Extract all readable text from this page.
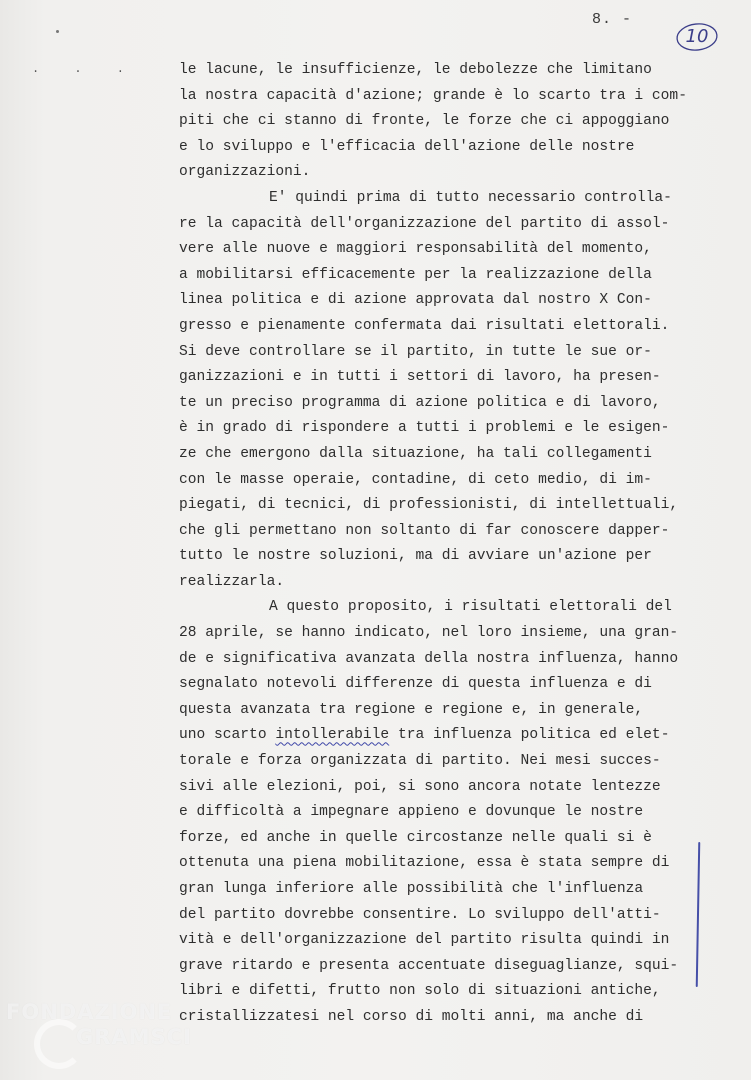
. . .
8. -
10
le lacune, le insufficienze, le debolezze che limitano
la nostra capacità d'azione; grande è lo scarto tra i com-
piti che ci stanno di fronte, le forze che ci appoggiano
e lo sviluppo e l'efficacia dell'azione delle nostre
organizzazioni.
E' quindi prima di tutto necessario controlla-
re la capacità dell'organizzazione del partito di assol-
vere alle nuove e maggiori responsabilità del momento,
a mobilitarsi efficacemente per la realizzazione della
linea politica e di azione approvata dal nostro X Con-
gresso e pienamente confermata dai risultati elettorali.
Si deve controllare se il partito, in tutte le sue or-
ganizzazioni e in tutti i settori di lavoro, ha presen-
te un preciso programma di azione politica e di lavoro,
è in grado di rispondere a tutti i problemi e le esigen-
ze che emergono dalla situazione, ha tali collegamenti
con le masse operaie, contadine, di ceto medio, di im-
piegati, di tecnici, di professionisti, di intellettuali,
che gli permettano non soltanto di far conoscere dapper-
tutto le nostre soluzioni, ma di avviare un'azione per
realizzarla.
A questo proposito, i risultati elettorali del
28 aprile, se hanno indicato, nel loro insieme, una gran-
de e significativa avanzata della nostra influenza, hanno
segnalato notevoli differenze di questa influenza e di
questa avanzata tra regione e regione e, in generale,
uno scarto intollerabile tra influenza politica ed elet-
torale e forza organizzata di partito. Nei mesi succes-
sivi alle elezioni, poi, si sono ancora notate lentezze
e difficoltà a impegnare appieno e dovunque le nostre
forze, ed anche in quelle circostanze nelle quali si è
ottenuta una piena mobilitazione, essa è stata sempre di
gran lunga inferiore alle possibilità che l'influenza
del partito dovrebbe consentire. Lo sviluppo dell'atti-
vità e dell'organizzazione del partito risulta quindi in
grave ritardo e presenta accentuate diseguaglianze, squi-
libri e difetti, frutto non solo di situazioni antiche,
cristallizzatesi nel corso di molti anni, ma anche di
FONDAZIONE
GRAMSCI
